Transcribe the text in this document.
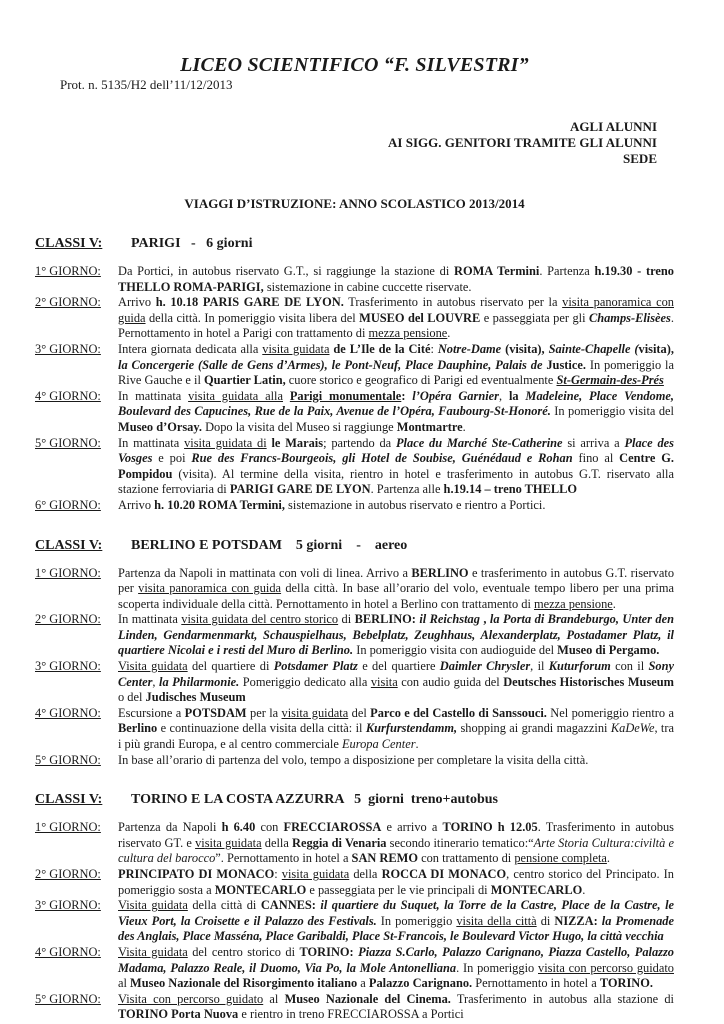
LICEO SCIENTIFICO “F. SILVESTRI”

Prot. n. 5135/H2 dell’11/12/2013

AGLI ALUNNI
AI SIGG. GENITORI TRAMITE GLI ALUNNI
SEDE
VIAGGI D’ISTRUZIONE: ANNO SCOLASTICO 2013/2014
CLASSI V:	PARIGI   -   6 giorni
1° GIORNO:	Da Portici, in autobus riservato G.T., si raggiunge la stazione di ROMA Termini. Partenza h.19.30 - treno THELLO ROMA-PARIGI, sistemazione in cabine cuccette riservate.
2° GIORNO:	Arrivo h. 10.18 PARIS GARE DE LYON. Trasferimento in autobus riservato per la visita panoramica con guida della città. In pomeriggio visita libera del MUSEO del LOUVRE e passeggiata per gli Champs-Elisèes. Pernottamento in hotel a Parigi con trattamento di mezza pensione.
3° GIORNO:	Intera giornata dedicata alla visita guidata de L’Ile de la Cité: Notre-Dame (visita), Sainte-Chapelle (visita), la Concergerie (Salle de Gens d’Armes), le Pont-Neuf, Place Dauphine, Palais de Justice. In pomeriggio la Rive Gauche e il Quartier Latin, cuore storico e geografico di Parigi ed eventualmente St-Germain-des-Prés
4° GIORNO:	In mattinata visita guidata alla Parigi monumentale: l’Opéra Garnier, la Madeleine, Place Vendome, Boulevard des Capucines, Rue de la Paix, Avenue de l’Opéra, Faubourg-St-Honoré. In pomeriggio visita del Museo d’Orsay. Dopo la visita del Museo si raggiunge Montmartre.
5° GIORNO:	In mattinata visita guidata di le Marais; partendo da Place du Marché Ste-Catherine si arriva a Place des Vosges e poi Rue des Francs-Bourgeois, gli Hotel de Soubise, Guénédaud e Rohan fino al Centre G. Pompidou (visita). Al termine della visita, rientro in hotel e trasferimento in autobus G.T. riservato alla stazione ferroviaria di PARIGI GARE DE LYON. Partenza alle h.19.14 – treno THELLO
6° GIORNO:	Arrivo h. 10.20 ROMA Termini, sistemazione in autobus riservato e rientro a Portici.
CLASSI V:	BERLINO E POTSDAM    5 giorni    -    aereo
1° GIORNO:	Partenza da Napoli in mattinata con voli di linea. Arrivo a BERLINO e trasferimento in autobus G.T. riservato per visita panoramica con guida della città. In base all’orario del volo, eventuale tempo libero per una prima scoperta individuale della città. Pernottamento in hotel a Berlino con trattamento di mezza pensione.
2° GIORNO:	In mattinata visita guidata del centro storico di BERLINO: il Reichstag , la Porta di Brandeburgo, Unter den Linden, Gendarmenmarkt, Schauspielhaus, Bebelplatz, Zeughhaus, Alexanderplatz, Postadamer Platz, il quartiere Nicolai e i resti del Muro di Berlino. In pomeriggio visita con audioguide del Museo di Pergamo.
3° GIORNO:	Visita guidata del quartiere di Potsdamer Platz e del quartiere Daimler Chrysler, il Kuturforum con il Sony Center, la Philarmonie. Pomeriggio dedicato alla visita con audio guida del Deutsches Historisches Museum o del Judisches Museum
4° GIORNO:	Escursione a POTSDAM per la visita guidata del Parco e del Castello di Sanssouci. Nel pomeriggio rientro a Berlino e continuazione della visita della città: il Kurfurstendamm, shopping ai grandi magazzini KaDeWe, tra i più grandi Europa, e al centro commerciale Europa Center.
5° GIORNO:	In base all’orario di partenza del volo, tempo a disposizione per completare la visita della città.
CLASSI V:	TORINO E LA COSTA AZZURRA   5  giorni  treno+autobus
1° GIORNO:	Partenza da Napoli h 6.40 con FRECCIAROSSA e arrivo a TORINO h 12.05. Trasferimento in autobus riservato GT. e visita guidata della Reggia di Venaria secondo itinerario tematico:“Arte Storia Cultura:civiltà e cultura del barocco”. Pernottamento in hotel a SAN REMO con trattamento di pensione completa.
2° GIORNO:	PRINCIPATO DI MONACO: visita guidata della ROCCA DI MONACO, centro storico del Principato. In pomeriggio sosta a MONTECARLO e passeggiata per le vie principali di MONTECARLO.
3° GIORNO:	Visita guidata della città di CANNES: il quartiere du Suquet, la Torre de la Castre, Place de la Castre, le Vieux Port, la Croisette e il Palazzo des Festivals. In pomeriggio visita della città di NIZZA: la Promenade des Anglais, Place Masséna, Place Garibaldi, Place St-Francois, le Boulevard Victor Hugo, la città vecchia
4° GIORNO:	Visita guidata del centro storico di TORINO: Piazza S.Carlo, Palazzo Carignano, Piazza Castello, Palazzo Madama, Palazzo Reale, il Duomo, Via Po, la Mole Antonelliana. In pomeriggio visita con percorso guidato al Museo Nazionale del Risorgimento italiano a Palazzo Carignano. Pernottamento in hotel a TORINO.
5° GIORNO:	Visita con percorso guidato al Museo Nazionale del Cinema. Trasferimento in autobus alla stazione di TORINO Porta Nuova e rientro in treno FRECCIAROSSA a Portici
